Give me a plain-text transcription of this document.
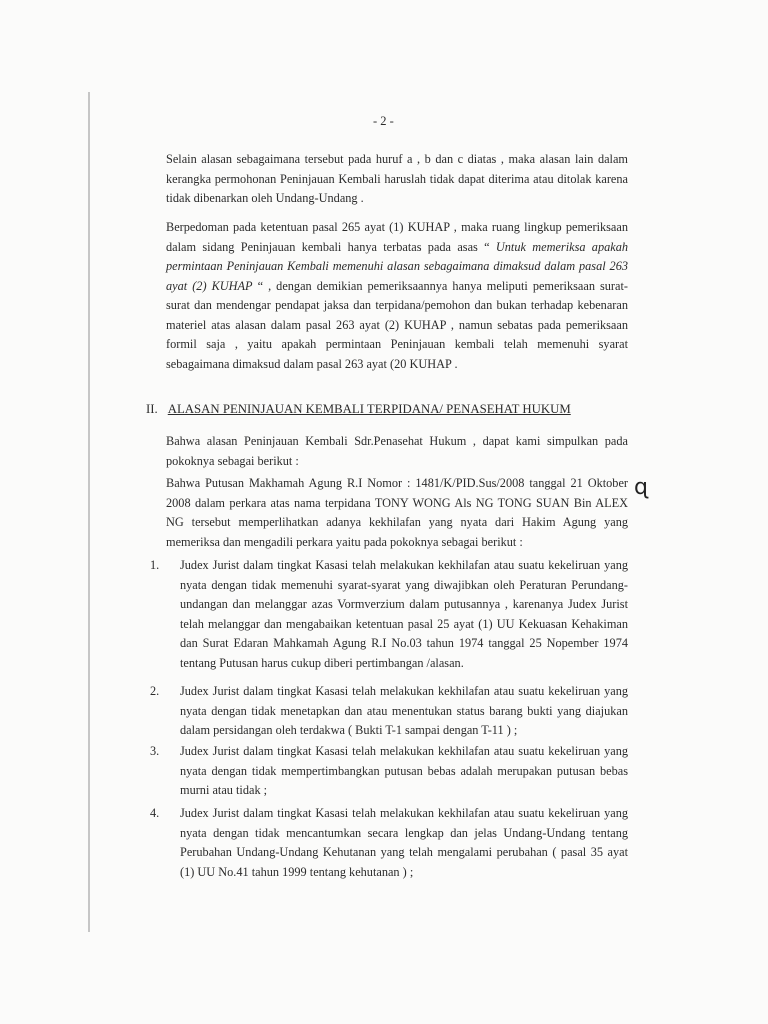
- 2 -

Selain alasan sebagaimana tersebut pada huruf a , b dan c diatas , maka alasan lain dalam kerangka permohonan Peninjauan Kembali haruslah tidak dapat diterima atau ditolak karena tidak dibenarkan oleh Undang-Undang .

Berpedoman pada ketentuan pasal 265 ayat (1) KUHAP , maka ruang lingkup pemeriksaan dalam sidang Peninjauan kembali hanya terbatas pada asas “ Untuk memeriksa apakah permintaan Peninjauan Kembali memenuhi alasan sebagaimana dimaksud dalam pasal 263 ayat (2) KUHAP “ , dengan demikian pemeriksaannya hanya meliputi pemeriksaan surat-surat dan mendengar pendapat jaksa dan terpidana/pemohon dan bukan terhadap kebenaran materiel atas alasan dalam pasal 263 ayat (2) KUHAP , namun sebatas pada pemeriksaan formil saja , yaitu apakah permintaan Peninjauan kembali telah memenuhi syarat sebagaimana dimaksud dalam pasal 263 ayat (20 KUHAP .

II. ALASAN PENINJAUAN KEMBALI TERPIDANA/ PENASEHAT HUKUM

Bahwa alasan Peninjauan Kembali Sdr.Penasehat Hukum , dapat kami simpulkan pada pokoknya sebagai berikut :

Bahwa Putusan Makhamah Agung R.I Nomor : 1481/K/PID.Sus/2008 tanggal 21 Oktober 2008 dalam perkara atas nama terpidana TONY WONG Als NG TONG SUAN Bin ALEX NG tersebut memperlihatkan adanya kekhilafan yang nyata dari Hakim Agung yang memeriksa dan mengadili perkara yaitu pada pokoknya sebagai berikut :

ɋ
1. Judex Jurist dalam tingkat Kasasi telah melakukan kekhilafan atau suatu kekeliruan yang nyata dengan tidak memenuhi syarat-syarat yang diwajibkan oleh Peraturan Perundang-undangan dan melanggar azas Vormverzium dalam putusannya , karenanya Judex Jurist telah melanggar dan mengabaikan ketentuan pasal 25 ayat (1) UU Kekuasan Kehakiman dan Surat Edaran Mahkamah Agung R.I No.03 tahun 1974 tanggal 25 Nopember 1974 tentang Putusan harus cukup diberi pertimbangan /alasan.
2. Judex Jurist dalam tingkat Kasasi telah melakukan kekhilafan atau suatu kekeliruan yang nyata dengan tidak menetapkan dan atau menentukan status barang bukti yang diajukan dalam persidangan oleh terdakwa ( Bukti T-1 sampai dengan T-11 ) ;
3. Judex Jurist dalam tingkat Kasasi telah melakukan kekhilafan atau suatu kekeliruan yang nyata dengan tidak mempertimbangkan putusan bebas adalah merupakan putusan bebas murni atau tidak ;
4. Judex Jurist dalam tingkat Kasasi telah melakukan kekhilafan atau suatu kekeliruan yang nyata dengan tidak mencantumkan secara lengkap dan jelas Undang-Undang tentang Perubahan Undang-Undang Kehutanan yang telah mengalami perubahan ( pasal 35 ayat (1) UU No.41 tahun 1999 tentang kehutanan ) ;
